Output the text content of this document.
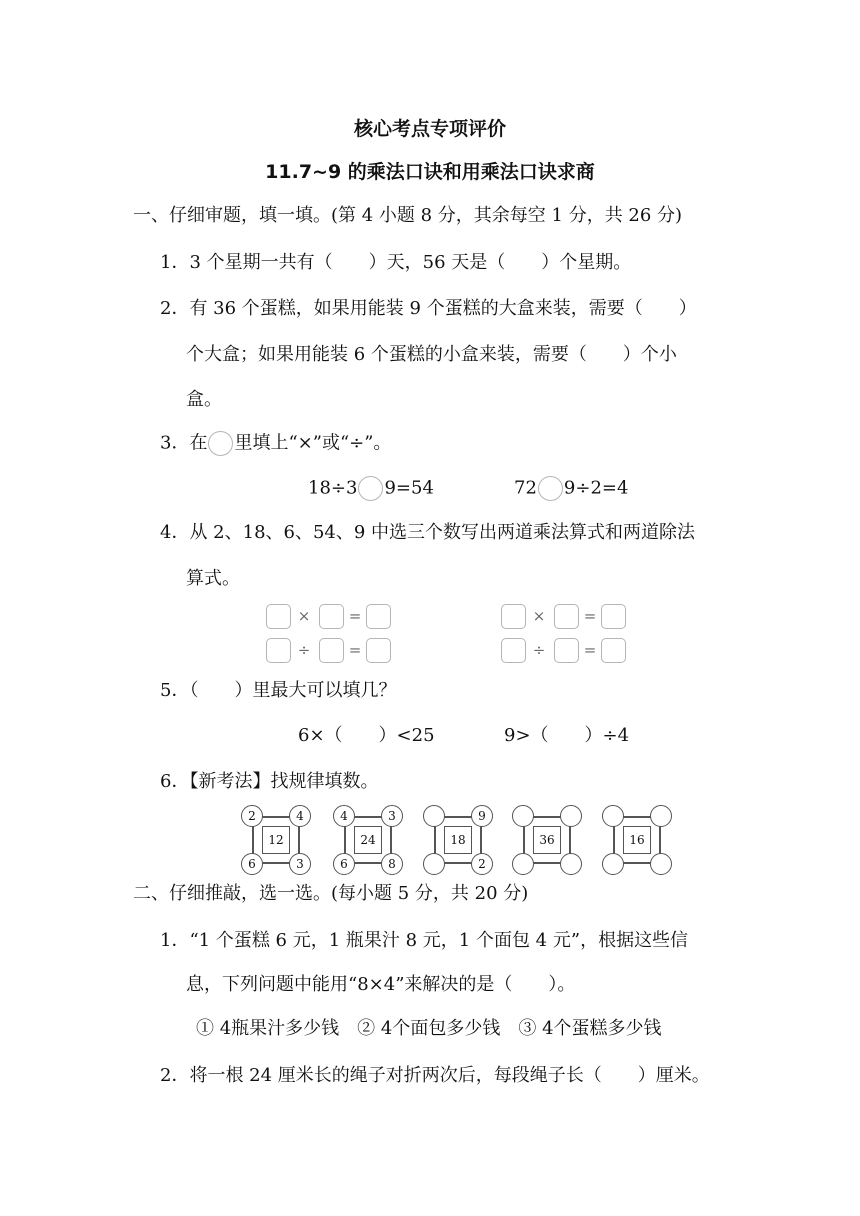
核心考点专项评价
11.7~9 的乘法口诀和用乘法口诀求商
一、仔细审题，填一填。(第 4 小题 8 分，其余每空 1 分，共 26 分)
1．3 个星期一共有（　　）天，56 天是（　　）个星期。
2．有 36 个蛋糕，如果用能装 9 个蛋糕的大盒来装，需要（　　）
个大盒；如果用能装 6 个蛋糕的小盒来装，需要（　　）个小
盒。
3．在 里填上“×”或“÷”。
18÷3 9=54	72 9÷2=4
4．从 2、18、6、54、9 中选三个数写出两道乘法算式和两道除法
算式。
×	=
÷	=
×	=
÷	=
5．（　　）里最大可以填几？
6×（　　）<25	9>（　　）÷4
6．【新考法】找规律填数。
12
2	4
6	3
24
4	3
6	8
18
9
2
36	16
二、仔细推敲，选一选。(每小题 5 分，共 20 分)
1．“1 个蛋糕 6 元，1 瓶果汁 8 元，1 个面包 4 元”，根据这些信
息，下列问题中能用“8×4”来解决的是（　　）。
① 4瓶果汁多少钱　② 4个面包多少钱　③ 4个蛋糕多少钱
2．将一根 24 厘米长的绳子对折两次后，每段绳子长（　　）厘米。
